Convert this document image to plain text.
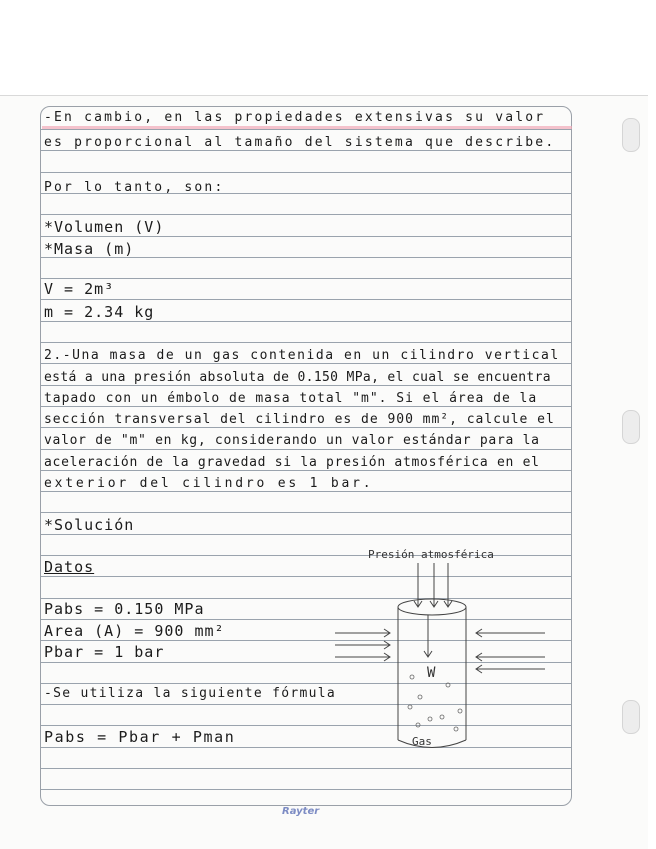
-En cambio, en las propiedades extensivas su valor
es proporcional al tamaño del sistema que describe.
Por lo tanto, son:
*Volumen (V)
*Masa (m)
V = 2m³
m = 2.34 kg
2.-Una masa de un gas contenida en un cilindro vertical
está a una presión absoluta de 0.150 MPa, el cual se encuentra
tapado con un émbolo de masa total "m". Si el área de la
sección transversal del cilindro es de 900 mm², calcule el
valor de "m" en kg, considerando un valor estándar para la
aceleración de la gravedad si la presión atmosférica en el
exterior del cilindro es 1 bar.
*Solución
Datos
Pabs = 0.150 MPa
Area (A) = 900 mm²
Pbar = 1 bar
-Se utiliza la siguiente fórmula
Pabs = Pbar + Pman
Presión atmosférica
W
Gas
Rayter
